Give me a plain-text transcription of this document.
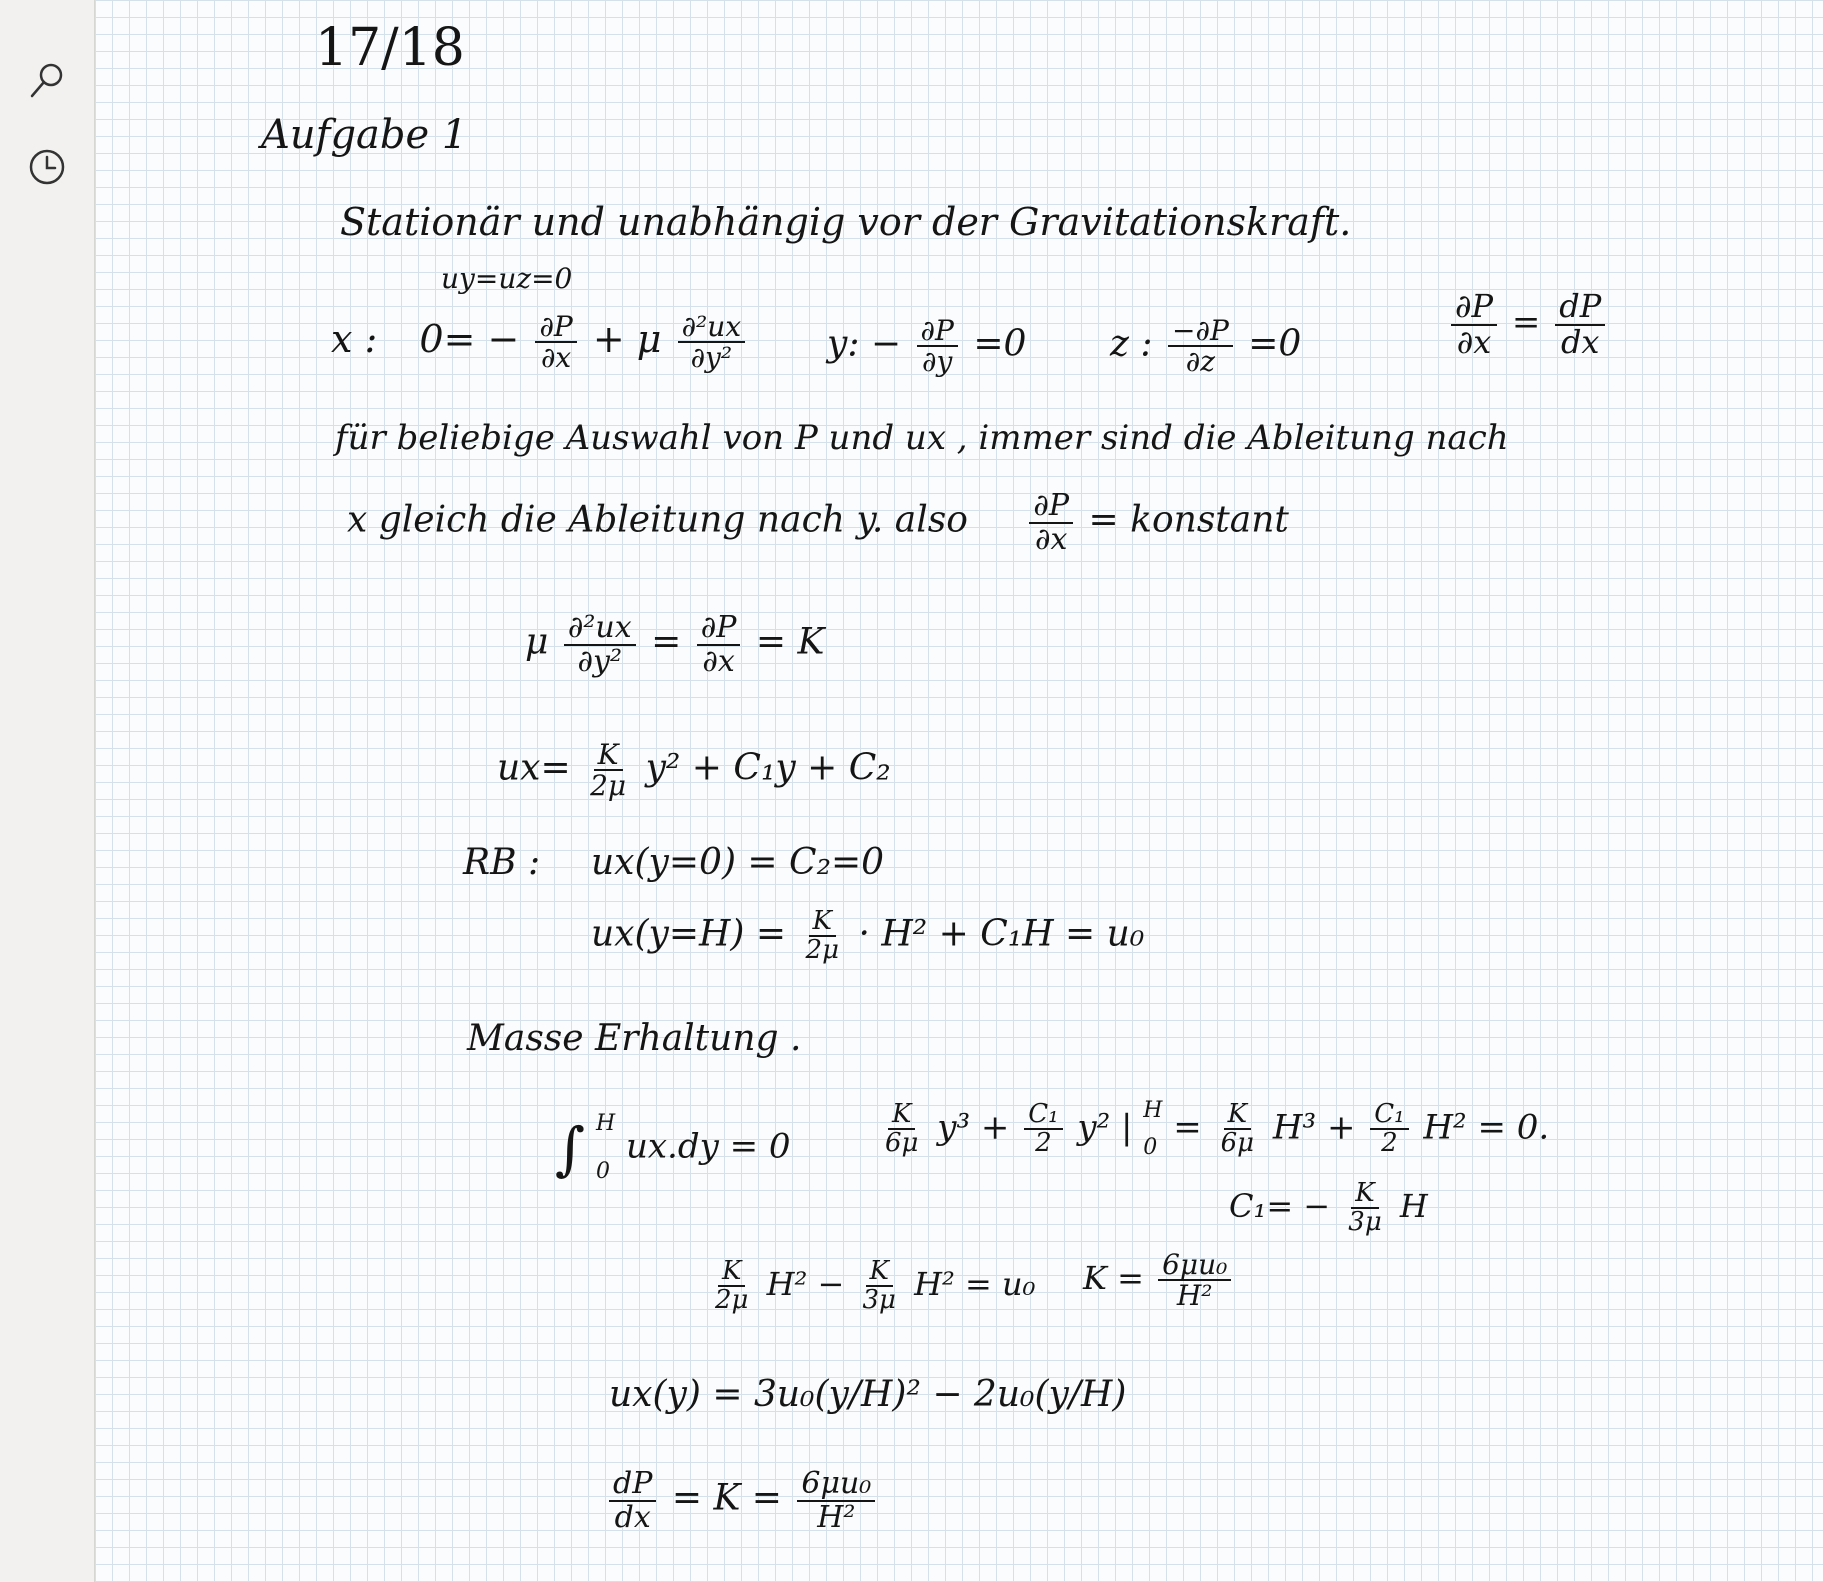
17/18
Aufgabe 1
Stationär und unabhängig vor der Gravitationskraft.
uy=uz=0
x : $0= - \frac{\partial P}{\partial x} + \mu \frac{\text{∂²ux}}{\text{∂y²}} y$: − $\frac{\partial P}{\partial y} =0$ z : $\frac{-\partial P}{\partial z} =0$	$\frac{\partial P}{\partial x} = \frac{dP}{dx}$
für beliebige Auswahl von P und ux , immer sind die Ableitung nach
x gleich die Ableitung nach y. also $\frac{\partial P}{\partial x}$ = konstant
μ $\frac{\text{∂²ux}}{\text{∂y²}} = \frac{\partial P}{\partial x} = K$
$ux= \frac{K}{2\mu} y^2 + C_1y + C_2$
RB : ux(y=0) = C₂=0
$ux(y=H) = \frac{K}{2\mu} \cdot H^2 + C_1H = u_0$
Masse Erhaltung .
∫ H
0
ux.dy = 0	$\frac{K}{6\mu} y^3 + \frac{\text{C₁}}{2} y^2$ | H
0
= $\frac{K}{6\mu} H^3 + \frac{\text{C₁}}{2} H^2 = 0$.
$C_1= - \frac{K}{3\mu}$ H
$\frac{K}{2\mu} H^2 - \frac{K}{3\mu} H^2 = u_0$ $K = \frac{\text{6μu₀}}{\text{H²}}$
ux(y) = 3u₀(y/H)² − 2u₀(y/H)
$\frac{dP}{dx} = K = \frac{\text{6μu₀}}{\text{H²}}$
